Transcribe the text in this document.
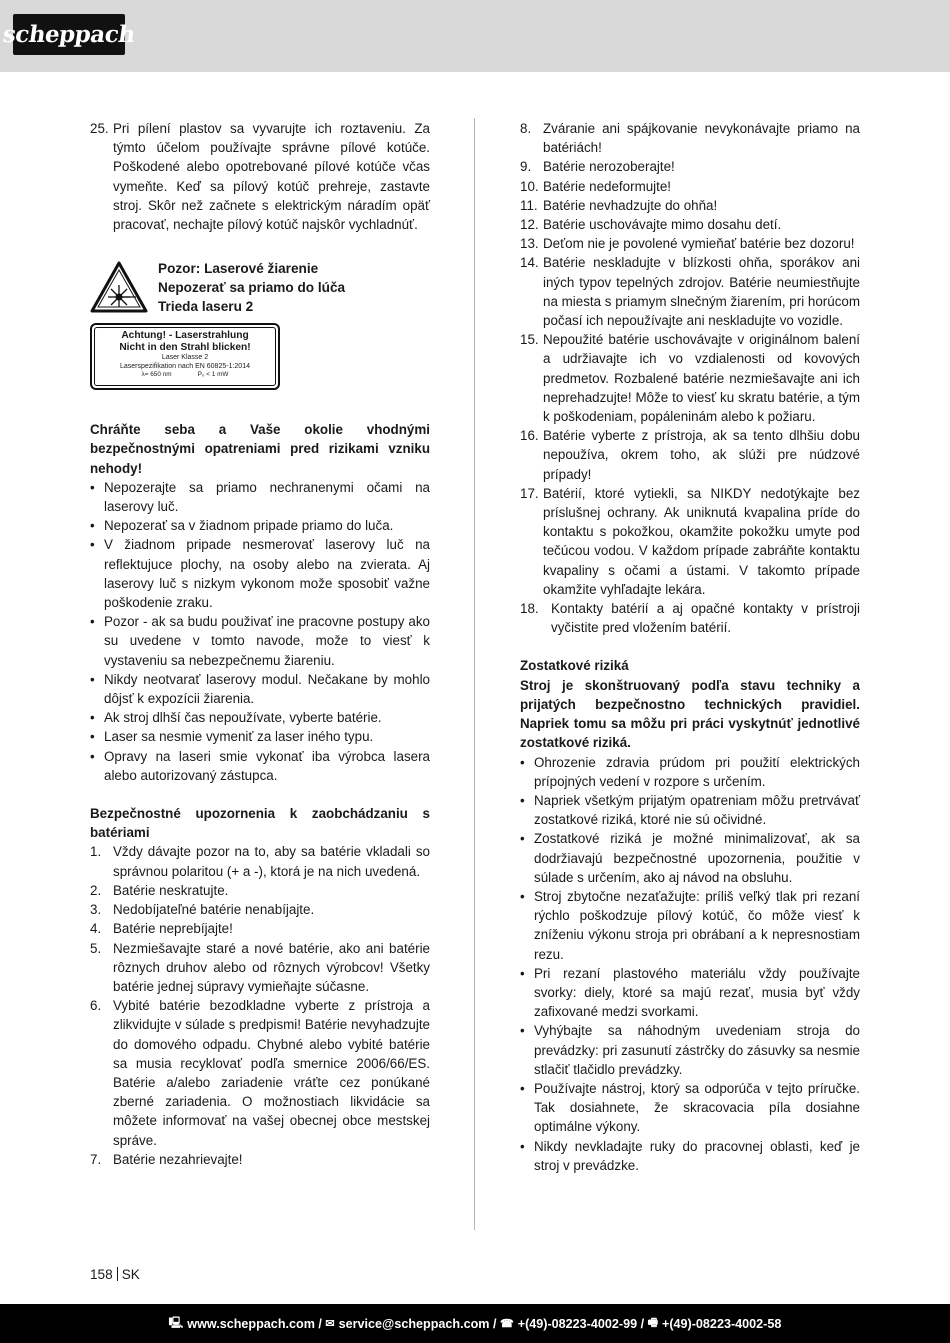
scheppach
25. Pri pílení plastov sa vyvarujte ich roztaveniu. Za týmto účelom používajte správne pílové kotúče. Poškodené alebo opotrebované pílové kotúče včas vymeňte. Keď sa pílový kotúč prehreje, zastavte stroj. Skôr než začnete s elektrickým náradím opäť pracovať, nechajte pílový kotúč najskôr vychladnúť.
Pozor: Laserové žiarenie
Nepozerať sa priamo do lúča
Trieda laseru 2
Achtung! - Laserstrahlung
Nicht in den Strahl blicken!
Laser Klasse 2
Laserspezifikation nach EN 60825-1:2014
λ= 650 nm	P₀ < 1 mW

Chráňte seba a Vaše okolie vhodnými bezpečnostnými opatreniami pred rizikami vzniku nehody!

• Nepozerajte sa priamo nechranenymi očami na laserovy luč.
• Nepozerať sa v žiadnom pripade priamo do luča.
• V žiadnom pripade nesmerovať laserovy luč na reflektujuce plochy, na osoby alebo na zvierata. Aj laserovy luč s nizkym vykonom može sposobiť važne poškodenie zraku.
• Pozor - ak sa budu použivať ine pracovne postupy ako su uvedene v tomto navode, može to viesť k vystaveniu sa nebezpečnemu žiareniu.
• Nikdy neotvarať laserovy modul. Nečakane by mohlo dôjsť k expozícii žiarenia.
• Ak stroj dlhší čas nepoužívate, vyberte batérie.
• Laser sa nesmie vymeniť za laser iného typu.
• Opravy na laseri smie vykonať iba výrobca lasera alebo autorizovaný zástupca.

Bezpečnostné upozornenia k zaobchádzaniu s batériami

1. Vždy dávajte pozor na to, aby sa batérie vkladali so správnou polaritou (+ a -), ktorá je na nich uvedená.
2. Batérie neskratujte.
3. Nedobíjateľné batérie nenabíjajte.
4. Batérie neprebíjajte!
5. Nezmiešavajte staré a nové batérie, ako ani batérie rôznych druhov alebo od rôznych výrobcov! Všetky batérie jednej súpravy vymieňajte súčasne.
6. Vybité batérie bezodkladne vyberte z prístroja a zlikvidujte v súlade s predpismi! Batérie nevyhadzujte do domového odpadu. Chybné alebo vybité batérie sa musia recyklovať podľa smernice 2006/66/ES. Batérie a/alebo zariadenie vráťte cez ponúkané zberné zariadenia. O možnostiach likvidácie sa môžete informovať na vašej obecnej obce mestskej správe.
7. Batérie nezahrievajte!
8. Zváranie ani spájkovanie nevykonávajte priamo na batériách!
9. Batérie nerozoberajte!
10. Batérie nedeformujte!
11. Batérie nevhadzujte do ohňa!
12. Batérie uschovávajte mimo dosahu detí.
13. Deťom nie je povolené vymieňať batérie bez dozoru!
14. Batérie neskladujte v blízkosti ohňa, sporákov ani iných typov tepelných zdrojov. Batérie neumiestňujte na miesta s priamym slnečným žiarením, pri horúcom počasí ich nepoužívajte ani neskladujte vo vozidle.
15. Nepoužité batérie uschovávajte v originálnom balení a udržiavajte ich vo vzdialenosti od kovových predmetov. Rozbalené batérie nezmiešavajte ani ich neprehadzujte! Môže to viesť ku skratu batérie, a tým k poškodeniam, popáleninám alebo k požiaru.
16. Batérie vyberte z prístroja, ak sa tento dlhšiu dobu nepoužíva, okrem toho, ak slúži pre núdzové prípady!
17. Batérií, ktoré vytiekli, sa NIKDY nedotýkajte bez príslušnej ochrany. Ak uniknutá kvapalina príde do kontaktu s pokožkou, okamžite pokožku umyte pod tečúcou vodou. V každom prípade zabráňte kontaktu kvapaliny s očami a ústami. V takomto prípade okamžite vyhľadajte lekára.
18. Kontakty batérií a aj opačné kontakty v prístroji vyčistite pred vložením batérií.

Zostatkové riziká

Stroj je skonštruovaný podľa stavu techniky a prijatých bezpečnostno technických pravidiel. Napriek tomu sa môžu pri práci vyskytnúť jednotlivé zostatkové riziká.

• Ohrozenie zdravia prúdom pri použití elektrických prípojných vedení v rozpore s určením.
• Napriek všetkým prijatým opatreniam môžu pretrvávať zostatkové riziká, ktoré nie sú očividné.
• Zostatkové riziká je možné minimalizovať, ak sa dodržiavajú bezpečnostné upozornenia, použitie v súlade s určením, ako aj návod na obsluhu.
• Stroj zbytočne nezaťažujte: príliš veľký tlak pri rezaní rýchlo poškodzuje pílový kotúč, čo môže viesť k zníženiu výkonu stroja pri obrábaní a k nepresnostiam rezu.
• Pri rezaní plastového materiálu vždy používajte svorky: diely, ktoré sa majú rezať, musia byť vždy zafixované medzi svorkami.
• Vyhýbajte sa náhodným uvedeniam stroja do prevádzky: pri zasunutí zástrčky do zásuvky sa nesmie stlačiť tlačidlo prevádzky.
• Používajte nástroj, ktorý sa odporúča v tejto príručke. Tak dosiahnete, že skracovacia píla dosiahne optimálne výkony.
• Nikdy nevkladajte ruky do pracovnej oblasti, keď je stroj v prevádzke.
158 SK
🖳 www.scheppach.com /
✉ service@scheppach.com /
☎ +(49)-08223-4002-99 /
🖷 +(49)-08223-4002-58
